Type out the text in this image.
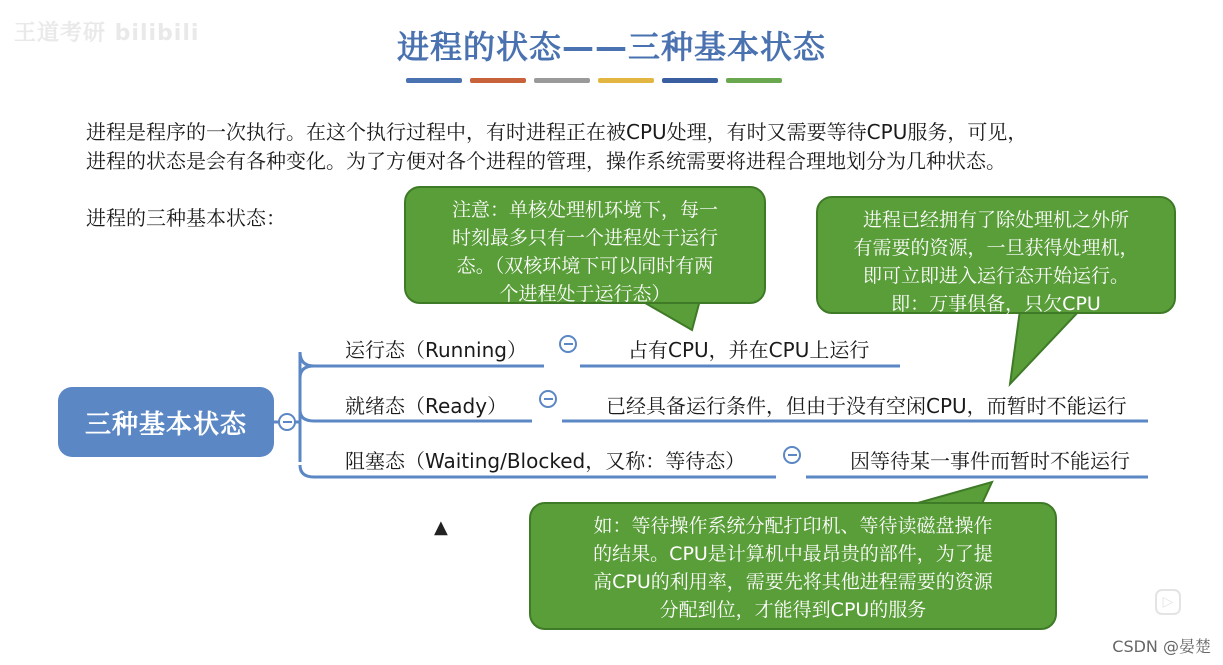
王道考研 bilibili	进程的状态——三种基本状态

进程是程序的一次执行。在这个执行过程中，有时进程正在被CPU处理，有时又需要等待CPU服务，可见，

进程的状态是会有各种变化。为了方便对各个进程的管理，操作系统需要将进程合理地划分为几种状态。

进程的三种基本状态：
三种基本状态
运行态（Running）	占有CPU，并在CPU上运行
就绪态（Ready）	已经具备运行条件，但由于没有空闲CPU，而暂时不能运行
阻塞态（Waiting/Blocked，又称：等待态）	因等待某一事件而暂时不能运行
注意：单核处理机环境下，每一
时刻最多只有一个进程处于运行
态。（双核环境下可以同时有两
个进程处于运行态）
进程已经拥有了除处理机之外所
有需要的资源，一旦获得处理机，
即可立即进入运行态开始运行。
即：万事俱备，只欠CPU
如：等待操作系统分配打印机、等待读磁盘操作
的结果。CPU是计算机中最昂贵的部件，为了提
高CPU的利用率，需要先将其他进程需要的资源
分配到位，才能得到CPU的服务
▲
▷
CSDN @晏楚
